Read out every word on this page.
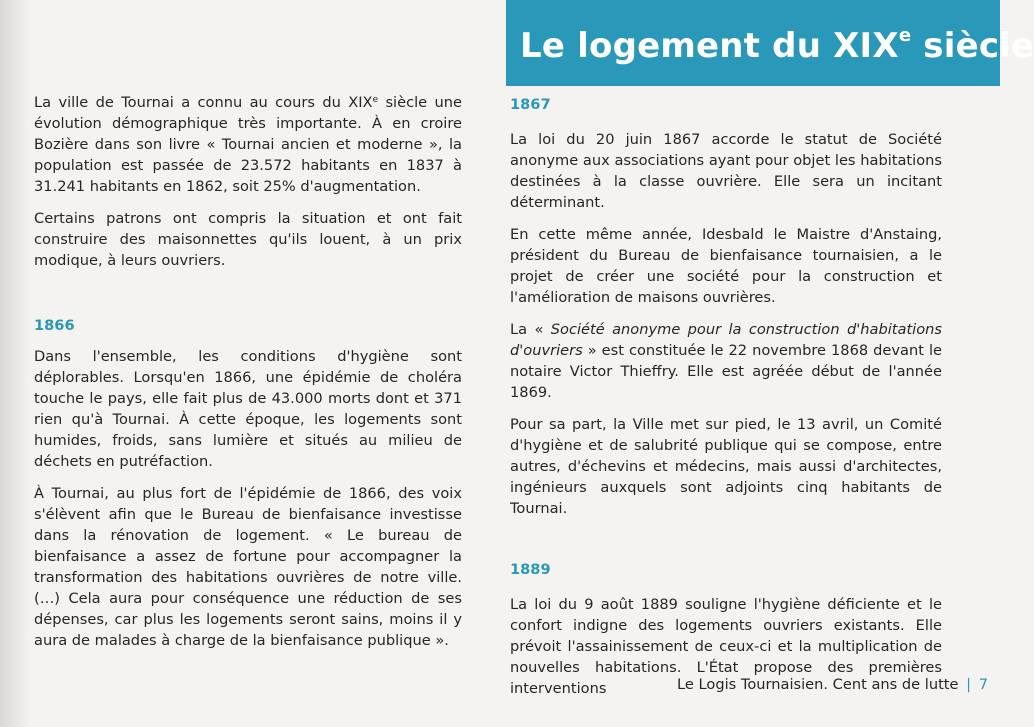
Le logement du XIXe siècle

La ville de Tournai a connu au cours du XIXe siècle une évolution démographique très importante. À en croire Bozière dans son livre « Tournai ancien et moderne », la population est passée de 23.572 habitants en 1837 à 31.241 habitants en 1862, soit 25% d'augmentation.

Certains patrons ont compris la situation et ont fait construire des maisonnettes qu'ils louent, à un prix modique, à leurs ouvriers.

1866

Dans l'ensemble, les conditions d'hygiène sont déplorables. Lorsqu'en 1866, une épidémie de choléra touche le pays, elle fait plus de 43.000 morts dont et 371 rien qu'à Tournai. À cette époque, les logements sont humides, froids, sans lumière et situés au milieu de déchets en putréfaction.

À Tournai, au plus fort de l'épidémie de 1866, des voix s'élèvent afin que le Bureau de bienfaisance investisse dans la rénovation de logement. « Le bureau de bienfaisance a assez de fortune pour accompagner la transformation des habitations ouvrières de notre ville. (…) Cela aura pour conséquence une réduction de ses dépenses, car plus les logements seront sains, moins il y aura de malades à charge de la bienfaisance publique ».

1867

La loi du 20 juin 1867 accorde le statut de Société anonyme aux associations ayant pour objet les habitations destinées à la classe ouvrière. Elle sera un incitant déterminant.

En cette même année, Idesbald le Maistre d'Anstaing, président du Bureau de bienfaisance tournaisien, a le projet de créer une société pour la construction et l'amélioration de maisons ouvrières.

La « Société anonyme pour la construction d'habitations d'ouvriers » est constituée le 22 novembre 1868 devant le notaire Victor Thieffry. Elle est agréée début de l'année 1869.

Pour sa part, la Ville met sur pied, le 13 avril, un Comité d'hygiène et de salubrité publique qui se compose, entre autres, d'échevins et médecins, mais aussi d'architectes, ingénieurs auxquels sont adjoints cinq habitants de Tournai.

1889

La loi du 9 août 1889 souligne l'hygiène déficiente et le confort indigne des logements ouvriers existants. Elle prévoit l'assainissement de ceux-ci et la multiplication de nouvelles habitations. L'État propose des premières interventions	Le Logis Tournaisien. Cent ans de lutte | 7
